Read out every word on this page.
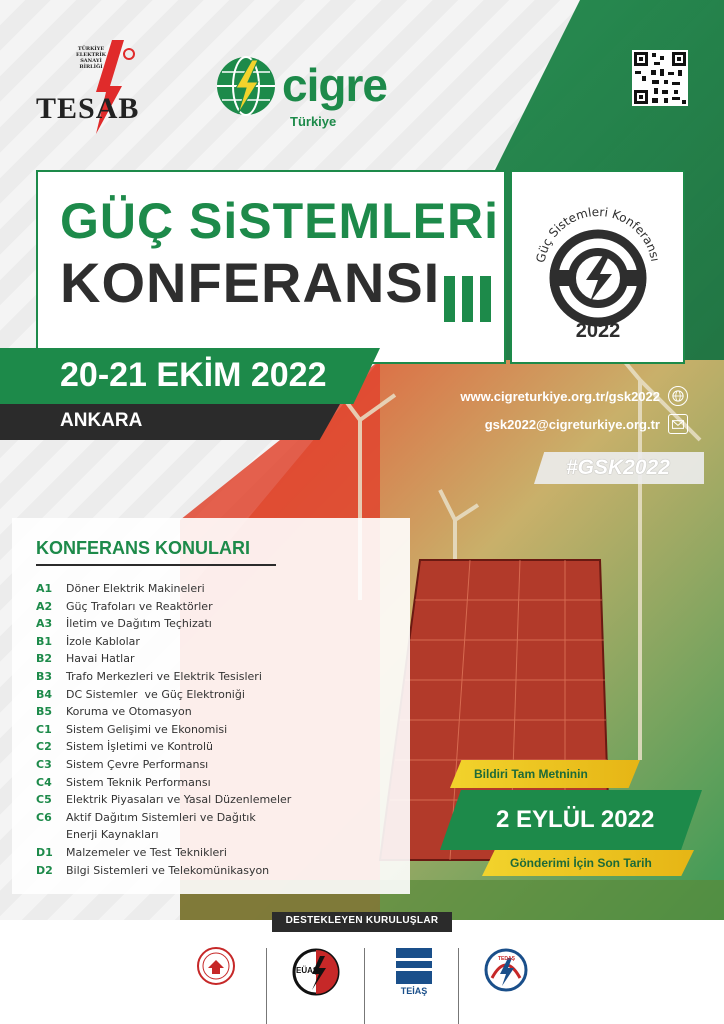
TÜRKİYE
ELEKTRİK
SANAYİ
BİRLİĞİ
TESAB	cigre
Türkiye
GÜÇ SiSTEMLERi
KONFERANSI	Güç Sistemleri Konferansı
2022
20-21 EKİM 2022
ANKARA
www.cigreturkiye.org.tr/gsk2022
gsk2022@cigreturkiye.org.tr
#GSK2022
KONFERANS KONULARI
A1	Döner Elektrik Makineleri
A2	Güç Trafoları ve Reaktörler
A3	İletim ve Dağıtım Teçhizatı
B1	İzole Kablolar
B2	Havai Hatlar
B3	Trafo Merkezleri ve Elektrik Tesisleri
B4	DC Sistemler  ve Güç Elektroniği
B5	Koruma ve Otomasyon
C1	Sistem Gelişimi ve Ekonomisi
C2	Sistem İşletimi ve Kontrolü
C3	Sistem Çevre Performansı
C4	Sistem Teknik Performansı
C5	Elektrik Piyasaları ve Yasal Düzenlemeler
C6	Aktif Dağıtım Sistemleri ve Dağıtık Enerji Kaynakları
D1	Malzemeler ve Test Teknikleri
D2	Bilgi Sistemleri ve Telekomünikasyon
Bildiri Tam Metninin
2 EYLÜL 2022
Gönderimi İçin Son Tarih
DESTEKLEYEN KURULUŞLAR
EÜAŞ
TEİAŞ
TEDAŞ
